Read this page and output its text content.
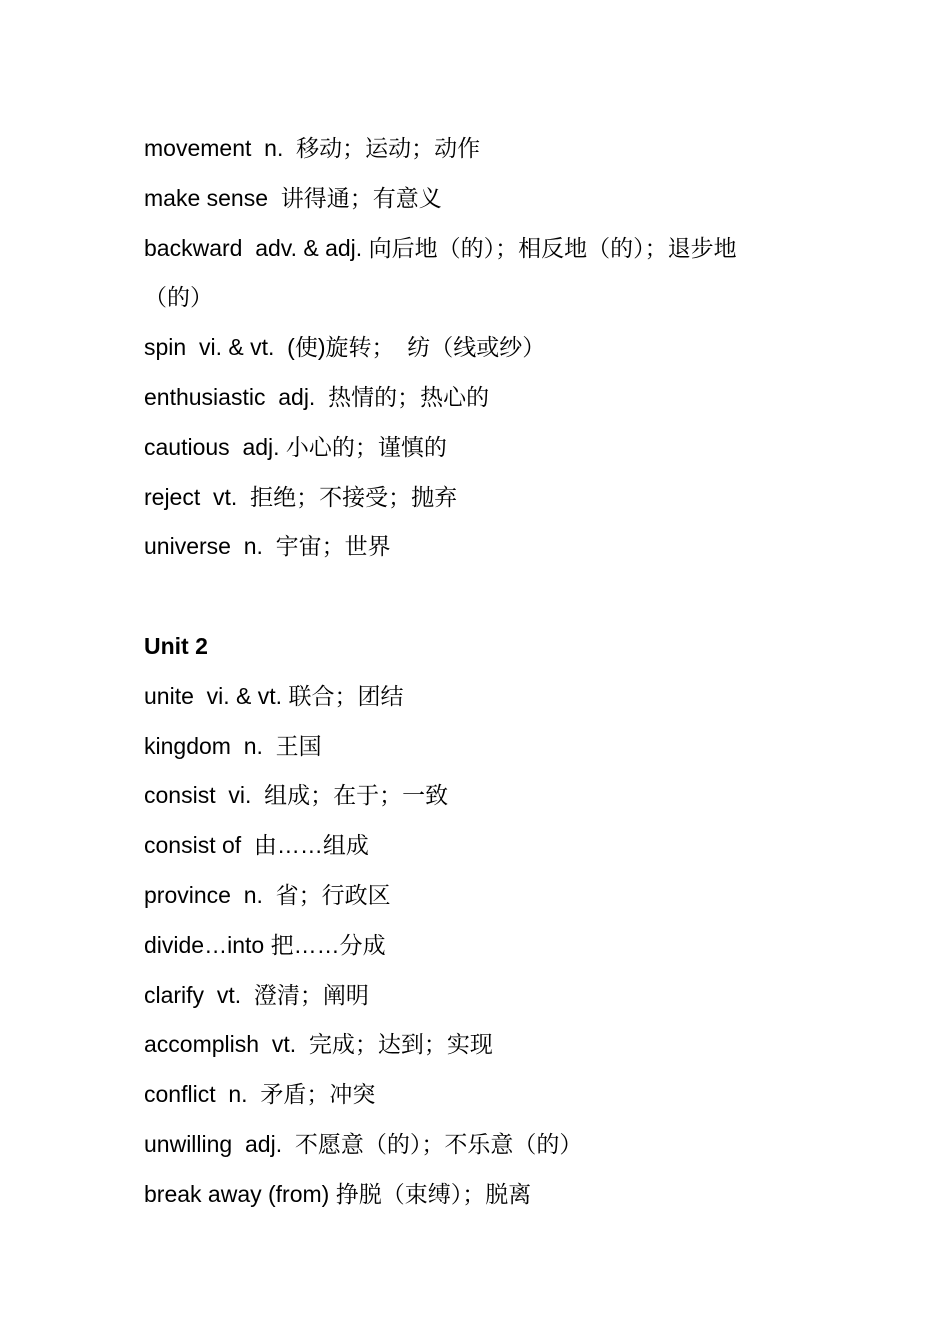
movement  n.  移动；运动；动作
make sense  讲得通；有意义
backward  adv. & adj. 向后地（的）；相反地（的）；退步地
（的）
spin  vi. & vt.  (使)旋转；  纺（线或纱）
enthusiastic  adj.  热情的；热心的
cautious  adj. 小心的；谨慎的
reject  vt.  拒绝；不接受；抛弃
universe  n.  宇宙；世界
Unit 2
unite  vi. & vt. 联合；团结
kingdom  n.  王国
consist  vi.  组成；在于；一致
consist of  由……组成
province  n.  省；行政区
divide…into 把……分成
clarify  vt.  澄清；阐明
accomplish  vt.  完成；达到；实现
conflict  n.  矛盾；冲突
unwilling  adj.  不愿意（的）；不乐意（的）
break away (from) 挣脱（束缚）；脱离
